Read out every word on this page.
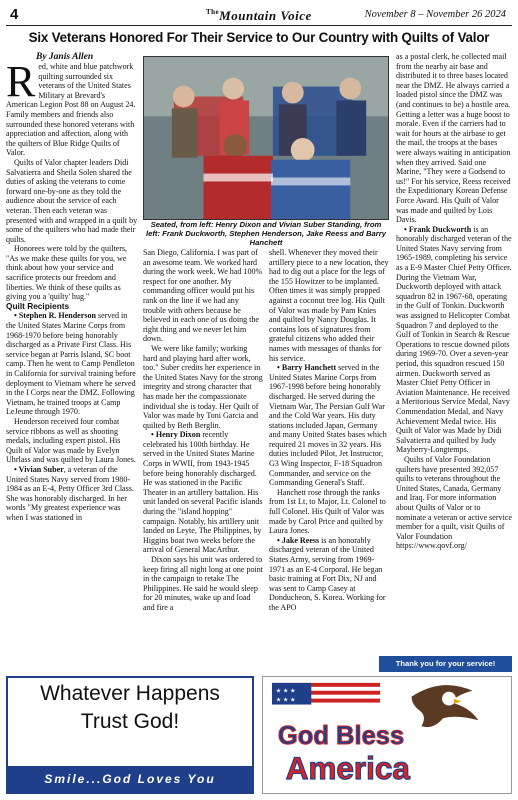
4	$^{The}$Mountain Voice	November 8 – November 26 2024
Six Veterans Honored For Their Service to Our Country with Quilts of Valor
By Janis Allen

Red, white and blue patchwork quilting surrounded six veterans of the United States Military at Brevard's American Legion Post 88 on August 24. Family members and friends also surrounded these honored veterans with appreciation and affection, along with the quilters of Blue Ridge Quilts of Valor.

Quilts of Valor chapter leaders Didi Salvatierra and Sheila Solen shared the duties of asking the veterans to come forward one-by-one as they told the audience about the service of each veteran. Then each veteran was presented with and wrapped in a quilt by some of the quilters who had made their quilts.

Honorees were told by the quilters, "As we make these quilts for you, we think about how your service and sacrifice protects our freedom and liberties. We think of these quilts as giving you a 'quilty' hug."

Quilt Recipients

• Stephen R. Henderson served in the United States Marine Corps from 1968-1970 before being honorably discharged as a Private First Class. His service began at Parris Island, SC boot camp. Then he went to Camp Pendleton in California for survival training before deployment to Vietnam where he served in the I Corps near the DMZ. Following Vietnam, he trained troops at Camp LeJeune through 1970.

Henderson received four combat service ribbons as well as shooting medals, including expert pistol. His Quilt of Valor was made by Evelyn Uhrlass and was quilted by Laura Jones.

• Vivian Suber, a veteran of the United States Navy served from 1980-1984 as an E-4, Petty Officer 3rd Class. She was honorably discharged. In her words "My greatest experience was when I was stationed in

Seated, from left: Henry Dixon and Vivian Suber Standing, from left: Frank Duckworth, Stephen Henderson, Jake Reess and Barry Hanchett

San Diego, California. I was part of an awesome team. We worked hard during the work week. We had 100% respect for one another. My commanding officer would put his rank on the line if we had any trouble with others because he believed in each one of us doing the right thing and we never let him down.

We were like family; working hard and playing hard after work, too." Suber credits her experience in the United States Navy for the strong integrity and strong character that has made her the compassionate individual she is today. Her Quilt of Valor was made by Toni Garcia and quilted by Beth Berglin.

• Henry Dixon recently celebrated his 100th birthday. He served in the United States Marine Corps in WWII, from 1943-1945 before being honorably discharged. He was stationed in the Pacific Theater in an artillery battalion. His unit landed on several Pacific islands during the "island hopping" campaign. Notably, his artillery unit landed on Leyte, The Philippines, by Higgins boat two weeks before the arrival of General MacArthur.

Dixon says his unit was ordered to keep firing all night long at one point in the campaign to retake The Philippines. He said he would sleep for 20 minutes, wake up and load and fire a

shell. Whenever they moved their artillery piece to a new location, they had to dig out a place for the legs of the 155 Howitzer to be implanted. Often times it was simply propped against a coconut tree log. His Quilt of Valor was made by Pam Knies and quilted by Nancy Douglas. It contains lots of signatures from grateful citizens who added their names with messages of thanks for his service.

• Barry Hanchett served in the United States Marine Corps from 1967-1998 before being honorably discharged. He served during the Vietnam War, The Persian Gulf War and the Cold War years. His duty stations included Japan, Germany and many United States bases which required 21 moves in 32 years. His duties included Pilot, Jet Instructor, G3 Wing Inspector, F-18 Squadron Commander, and service on the Commanding General's Staff.

Hanchett rose through the ranks from 1st Lt, to Major, Lt. Colonel to full Colonel. His Quilt of Valor was made by Carol Price and quilted by Laura Jones.

• Jake Reess is an honorably discharged veteran of the United States Army, serving from 1969-1971 as an E-4 Corporal. He began basic training at Fort Dix, NJ and was sent to Camp Casey at Donducheon, S. Korea. Working for the APO

as a postal clerk, he collected mail from the nearby air base and distributed it to three bases located near the DMZ. He always carried a loaded pistol since the DMZ was (and continues to be) a hostile area. Getting a letter was a huge boost to morale. Even if the carriers had to wait for hours at the airbase to get the mail, the troops at the bases were always waiting in anticipation when they arrived. Said one Marine, "They were a Godsend to us!" For his service, Reess received the Expeditionary Korean Defense Force Award. His Quilt of Valor was made and quilted by Lois Davis.

• Frank Duckworth is an honorably discharged veteran of the United States Navy serving from 1965-1989, completing his service as a E-9 Master Chief Petty Officer. During the Vietnam War, Duckworth deployed with attack squadron 82 in 1967-68, operating in the Gulf of Tonkin. Duckworth was assigned to Helicopter Combat Squadron 7 and deployed to the Gulf of Tonkin in Search & Rescue Operations to rescue downed pilots during 1969-70. Over a seven-year period, this squadron rescued 150 airmen. Duckworth served as Master Chief Petty Officer in Aviation Maintenance. He received a Meritorious Service Medal, Navy Commendation Medal, and Navy Achievement Medal twice. His Quilt of Valor was Made by Didi Salvatierra and quilted by Judy Mayberry-Longtemps.

Quilts of Valor Foundation quilters have presented 392,057 quilts to veterans throughout the United States, Canada, Germany and Iraq. For more information about Quilts of Valor or to nominate a veteran or active service member for a quilt, visit Quilts of Valor Foundation https://www.qovf.org/

Thank you for your service!
Whatever Happens
Trust God!
Smile...God Loves You
★ ★ ★
★ ★ ★
God Bless
America
